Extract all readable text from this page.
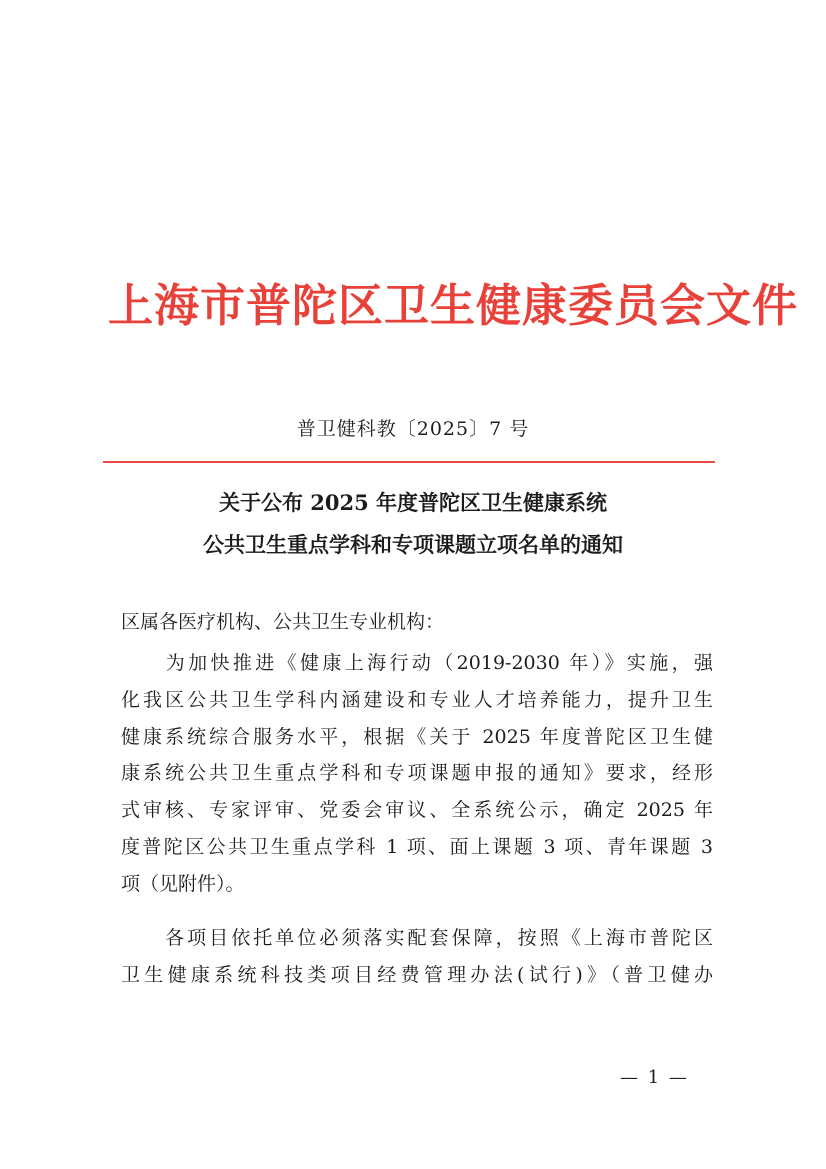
上海市普陀区卫生健康委员会文件
普卫健科教〔2025〕7 号
关于公布 2025 年度普陀区卫生健康系统
公共卫生重点学科和专项课题立项名单的通知
区属各医疗机构、公共卫生专业机构：
　　为加快推进《健康上海行动（2019-2030 年）》实施，强
化我区公共卫生学科内涵建设和专业人才培养能力，提升卫生
健康系统综合服务水平，根据《关于 2025 年度普陀区卫生健
康系统公共卫生重点学科和专项课题申报的通知》要求，经形
式审核、专家评审、党委会审议、全系统公示，确定 2025 年
度普陀区公共卫生重点学科 1 项、面上课题 3 项、青年课题 3
项（见附件）。
　　各项目依托单位必须落实配套保障，按照《上海市普陀区
卫生健康系统科技类项目经费管理办法(试行)》（普卫健办
— 1 —
